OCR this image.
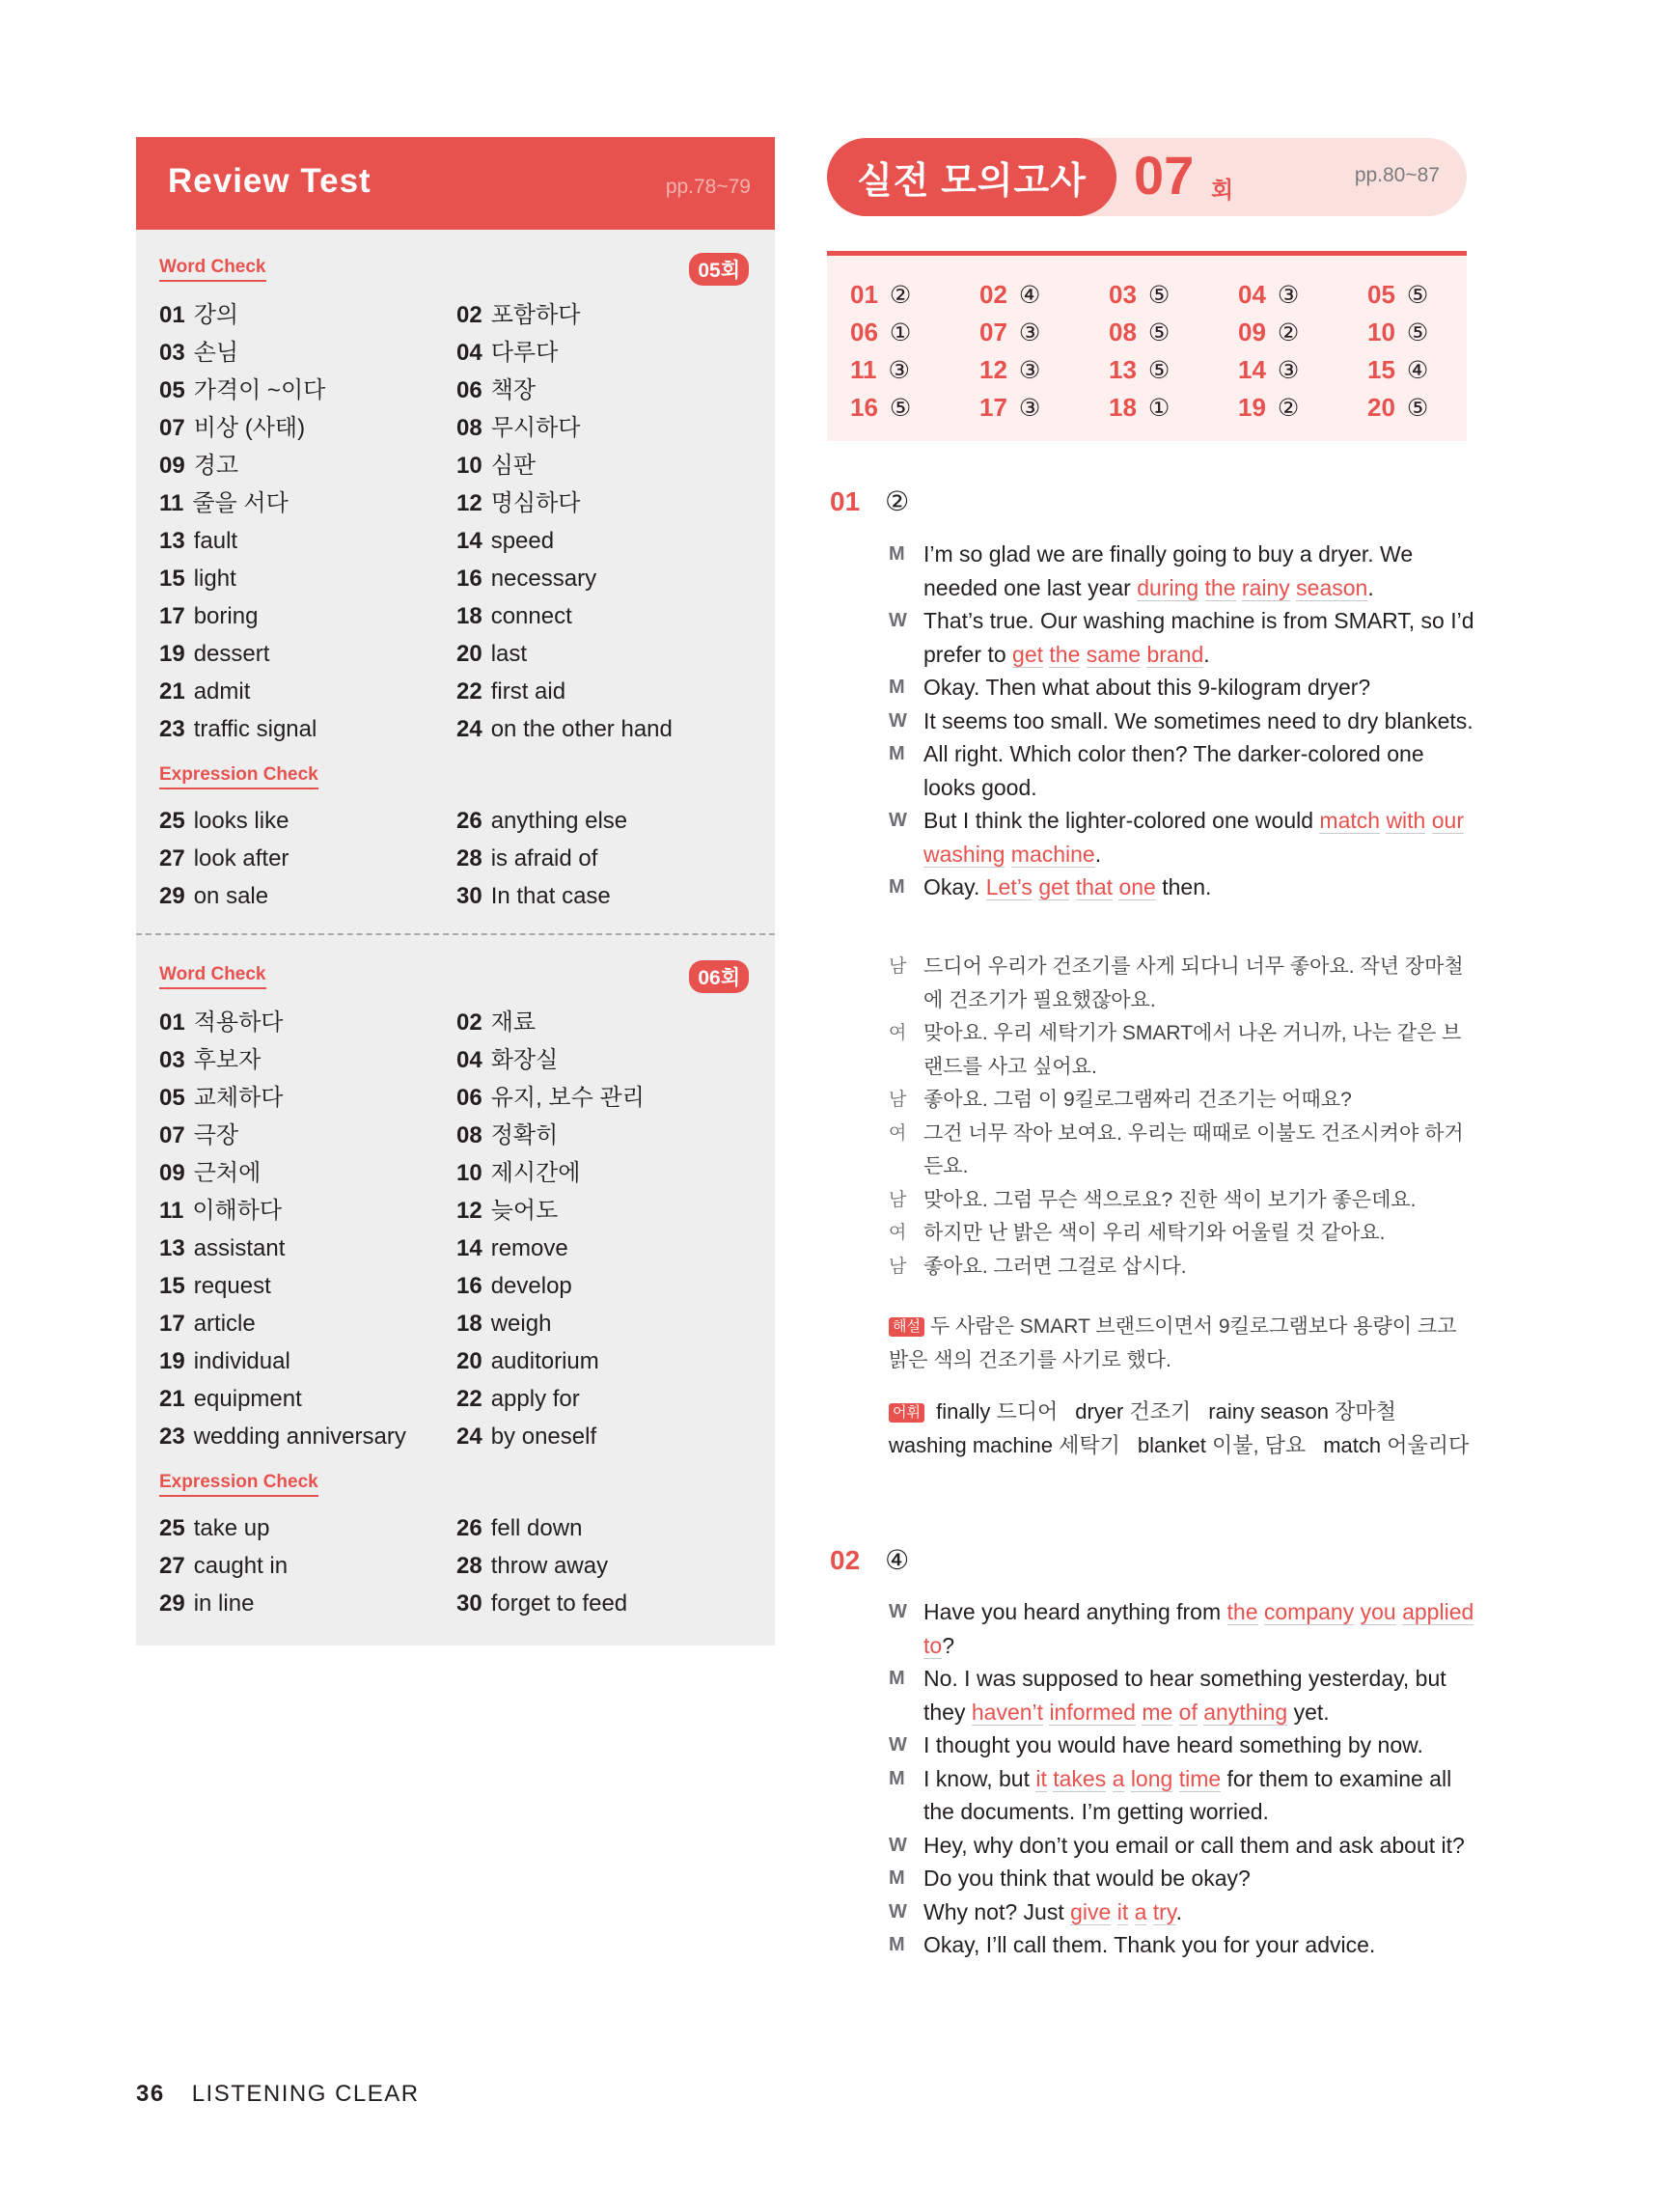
Review Test	pp.78~79
Word Check	05회
01 강의	02 포함하다
03 손님	04 다루다
05 가격이 ~이다	06 책장
07 비상 (사태)	08 무시하다
09 경고	10 심판
11 줄을 서다	12 명심하다
13 fault	14 speed
15 light	16 necessary
17 boring	18 connect
19 dessert	20 last
21 admit	22 first aid
23 traffic signal	24 on the other hand
Expression Check
25 looks like	26 anything else
27 look after	28 is afraid of
29 on sale	30 In that case
Word Check	06회
01 적용하다	02 재료
03 후보자	04 화장실
05 교체하다	06 유지, 보수 관리
07 극장	08 정확히
09 근처에	10 제시간에
11 이해하다	12 늦어도
13 assistant	14 remove
15 request	16 develop
17 article	18 weigh
19 individual	20 auditorium
21 equipment	22 apply for
23 wedding anniversary 24 by oneself
Expression Check
25 take up	26 fell down
27 caught in	28 throw away
29 in line	30 forget to feed
실전 모의고사 07 회
pp.80~87
01 ②	02 ④	03 ⑤	04 ③	05 ⑤
06 ①	07 ③	08 ⑤	09 ②	10 ⑤
11 ③	12 ③	13 ⑤	14 ③	15 ④
16 ⑤	17 ③	18 ①	19 ②	20 ⑤
01 ②
M I’m so glad we are finally going to buy a dryer. We needed one last year during the rainy season.
W That’s true. Our washing machine is from SMART, so I’d prefer to get the same brand.
M Okay. Then what about this 9-kilogram dryer?
W It seems too small. We sometimes need to dry blankets.
M All right. Which color then? The darker-colored one looks good.
W But I think the lighter-colored one would match with our washing machine.
M Okay. Let’s get that one then.
남 드디어 우리가 건조기를 사게 되다니 너무 좋아요. 작년 장마철에 건조기가 필요했잖아요.
여 맞아요. 우리 세탁기가 SMART에서 나온 거니까, 나는 같은 브랜드를 사고 싶어요.
남 좋아요. 그럼 이 9킬로그램짜리 건조기는 어때요?
여 그건 너무 작아 보여요. 우리는 때때로 이불도 건조시켜야 하거든요.
남 맞아요. 그럼 무슨 색으로요? 진한 색이 보기가 좋은데요.
여 하지만 난 밝은 색이 우리 세탁기와 어울릴 것 같아요.
남 좋아요. 그러면 그걸로 삽시다.
해설 두 사람은 SMART 브랜드이면서 9킬로그램보다 용량이 크고 밝은 색의 건조기를 사기로 했다.
어휘 finally 드디어 dryer 건조기 rainy season 장마철washing machine 세탁기 blanket 이불, 담요 match 어울리다
02 ④
W Have you heard anything from the company you applied to?
M No. I was supposed to hear something yesterday, but they haven’t informed me of anything yet.
W I thought you would have heard something by now.
M I know, but it takes a long time for them to examine all the documents. I’m getting worried.
W Hey, why don’t you email or call them and ask about it?
M Do you think that would be okay?
W Why not? Just give it a try.
M Okay, I’ll call them. Thank you for your advice.
36 LISTENING CLEAR
